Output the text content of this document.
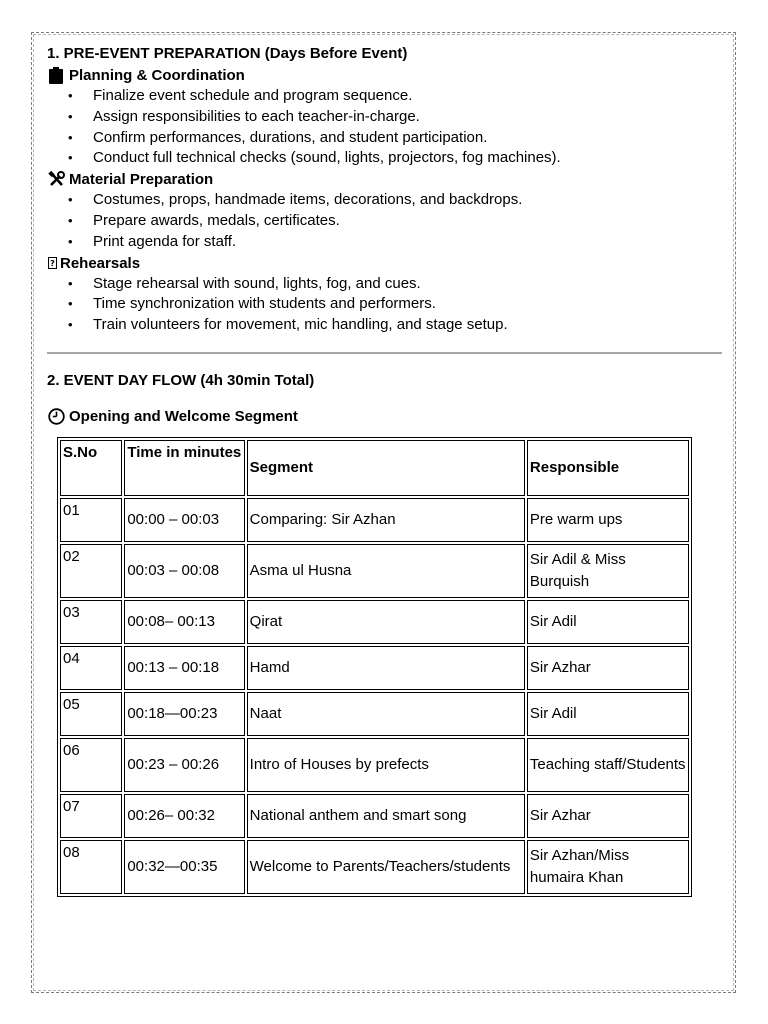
1. PRE-EVENT PREPARATION (Days Before Event)

Planning & Coordination
• Finalize event schedule and program sequence.
• Assign responsibilities to each teacher-in-charge.
• Confirm performances, durations, and student participation.
• Conduct full technical checks (sound, lights, projectors, fog machines).
Material Preparation
• Costumes, props, handmade items, decorations, and backdrops.
• Prepare awards, medals, certificates.
• Print agenda for staff.
? Rehearsals
• Stage rehearsal with sound, lights, fog, and cues.
• Time synchronization with students and performers.
• Train volunteers for movement, mic handling, and stage setup.

2. EVENT DAY FLOW (4h 30min Total)

Opening and Welcome Segment
S.No	Time in minutes	Segment	Responsible
01	00:00 – 00:03	Comparing: Sir Azhan	Pre warm ups
02	00:03 – 00:08	Asma ul Husna	Sir Adil & Miss Burquish
03	00:08– 00:13	Qirat	Sir Adil
04	00:13 – 00:18	Hamd	Sir Azhar
05	00:18—00:23	Naat	Sir Adil
06	00:23 – 00:26	Intro of Houses by prefects	Teaching staff/Students
07	00:26– 00:32	National anthem and smart song	Sir Azhar
08	00:32—00:35	Welcome to Parents/Teachers/students	Sir Azhan/Miss humaira Khan
